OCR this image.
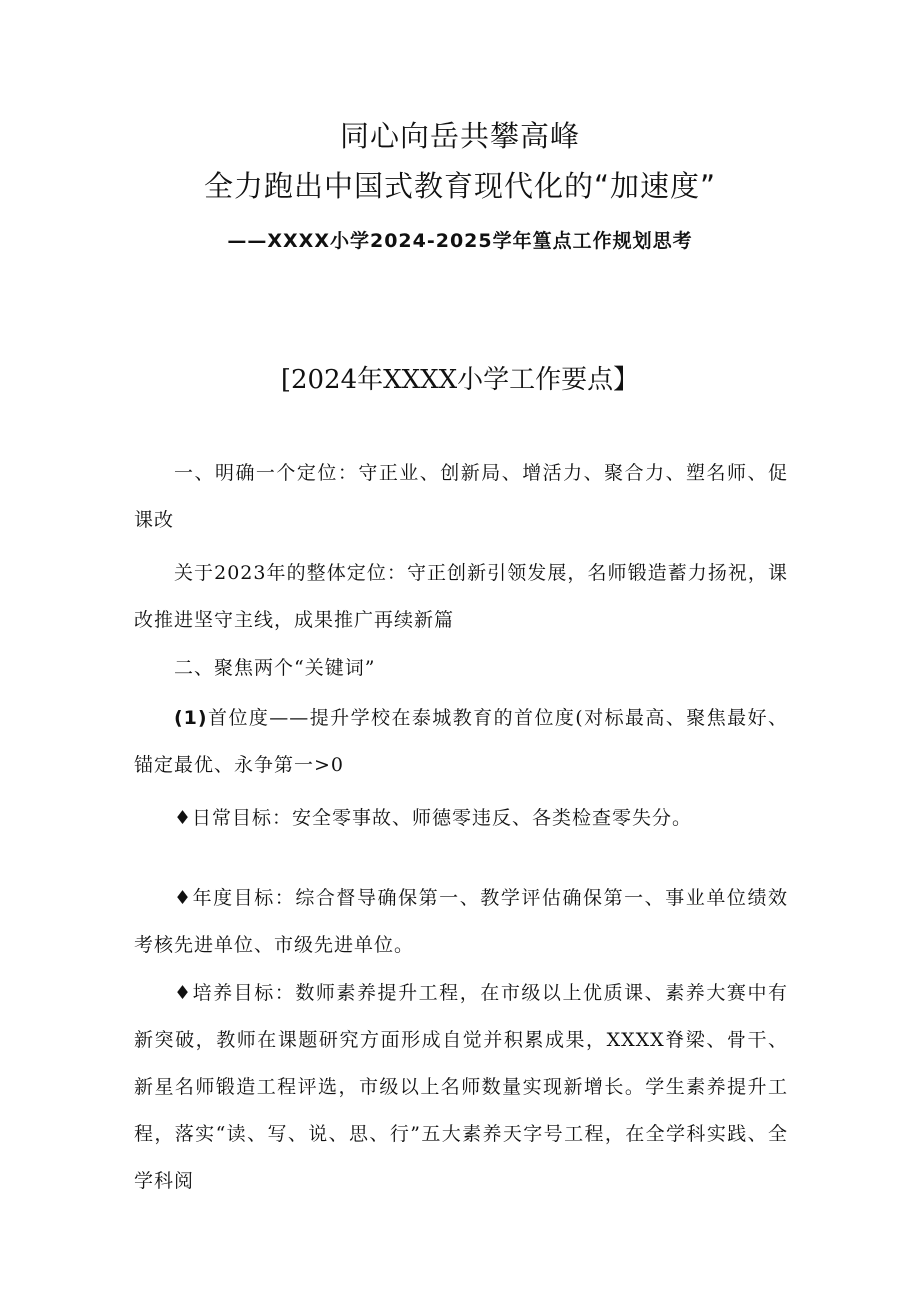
同心向岳共攀高峰
全力跑出中国式教育现代化的“加速度”
——XXXX小学2024-2025学年篁点工作规划思考
[2024年XXXX小学工作要点】
一、明确一个定位：守正业、创新局、增活力、聚合力、塑名师、促课改
关于2023年的整体定位：守正创新引领发展，名师锻造蓄力扬祝，课改推进坚守主线，成果推广再续新篇
二、聚焦两个“关键词”
(1)首位度——提升学校在泰城教育的首位度(对标最高、聚焦最好、锚定最优、永争第一>0
♦日常目标：安全零事故、师德零违反、各类检查零失分。
♦年度目标：综合督导确保第一、教学评估确保第一、事业单位绩效考核先进单位、市级先进单位。
♦培养目标：数师素养提升工程，在市级以上优质课、素养大赛中有新突破，教师在课题研究方面形成自觉并积累成果，XXXX脊梁、骨干、新星名师锻造工程评选，市级以上名师数量实现新增长。学生素养提升工程，落实“读、写、说、思、行”五大素养天字号工程，在全学科实践、全学科阅
